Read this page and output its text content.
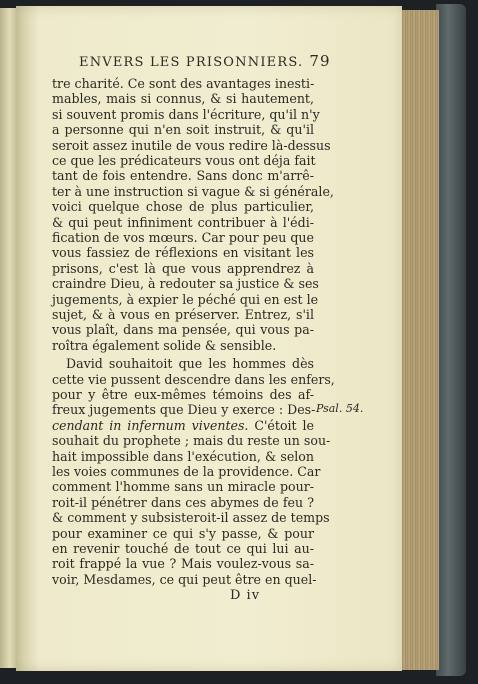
ENVERS LES PRISONNIERS. 79
tre charité. Ce sont des avantages inesti-
mables, mais si connus, & si hautement,
si souvent promis dans l'écriture, qu'il n'y
a personne qui n'en soit instruit, & qu'il
seroit assez inutile de vous redire là-dessus
ce que les prédicateurs vous ont déja fait
tant de fois entendre. Sans donc m'arrê-
ter à une instruction si vague & si générale,
voici quelque chose de plus particulier,
& qui peut infiniment contribuer à l'édi-
fication de vos mœurs. Car pour peu que
vous fassiez de réflexions en visitant les
prisons, c'est là que vous apprendrez à
craindre Dieu, à redouter sa justice & ses
jugements, à expier le péché qui en est le
sujet, & à vous en préserver. Entrez, s'il
vous plaît, dans ma pensée, qui vous pa-
roîtra également solide & sensible.
David souhaitoit que les hommes dès
cette vie pussent descendre dans les enfers,
pour y être eux-mêmes témoins des af-
freux jugements que Dieu y exerce : Des-
cendant in infernum viventes. C'étoit le
souhait du prophete ; mais du reste un sou-
hait impossible dans l'exécution, & selon
les voies communes de la providence. Car
comment l'homme sans un miracle pour-
roit-il pénétrer dans ces abymes de feu ?
& comment y subsisteroit-il assez de temps
pour examiner ce qui s'y passe, & pour
en revenir touché de tout ce qui lui au-
roit frappé la vue ? Mais voulez-vous sa-
voir, Mesdames, ce qui peut être en quel-
Psal. 54.
D iv
